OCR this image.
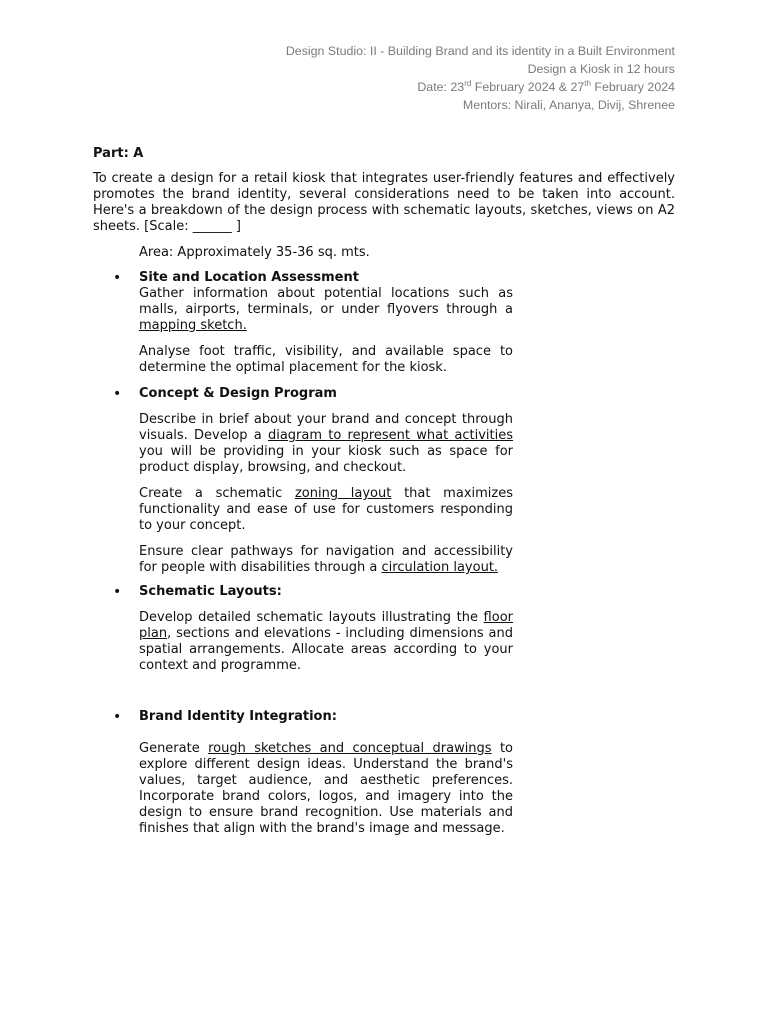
Design Studio: II - Building Brand and its identity in a Built Environment
Design a Kiosk in 12 hours
Date: 23rd February 2024 & 27th February 2024
Mentors: Nirali, Ananya, Divij, Shrenee
Part: A
To create a design for a retail kiosk that integrates user-friendly features and effectively promotes the brand identity, several considerations need to be taken into account. Here's a breakdown of the design process with schematic layouts, sketches, views on A2 sheets. [Scale: ______ ]
Area: Approximately 35-36 sq. mts.
• Site and Location Assessment
Gather information about potential locations such as malls, airports, terminals, or under flyovers through a mapping sketch.
Analyse foot traffic, visibility, and available space to determine the optimal placement for the kiosk.
• Concept & Design Program
Describe in brief about your brand and concept through visuals. Develop a diagram to represent what activities you will be providing in your kiosk such as space for product display, browsing, and checkout.
Create a schematic zoning layout that maximizes functionality and ease of use for customers responding to your concept.
Ensure clear pathways for navigation and accessibility for people with disabilities through a circulation layout.
• Schematic Layouts:
Develop detailed schematic layouts illustrating the floor plan, sections and elevations - including dimensions and spatial arrangements. Allocate areas according to your context and programme.
• Brand Identity Integration:
Generate rough sketches and conceptual drawings to explore different design ideas. Understand the brand's values, target audience, and aesthetic preferences. Incorporate brand colors, logos, and imagery into the design to ensure brand recognition. Use materials and finishes that align with the brand's image and message.
